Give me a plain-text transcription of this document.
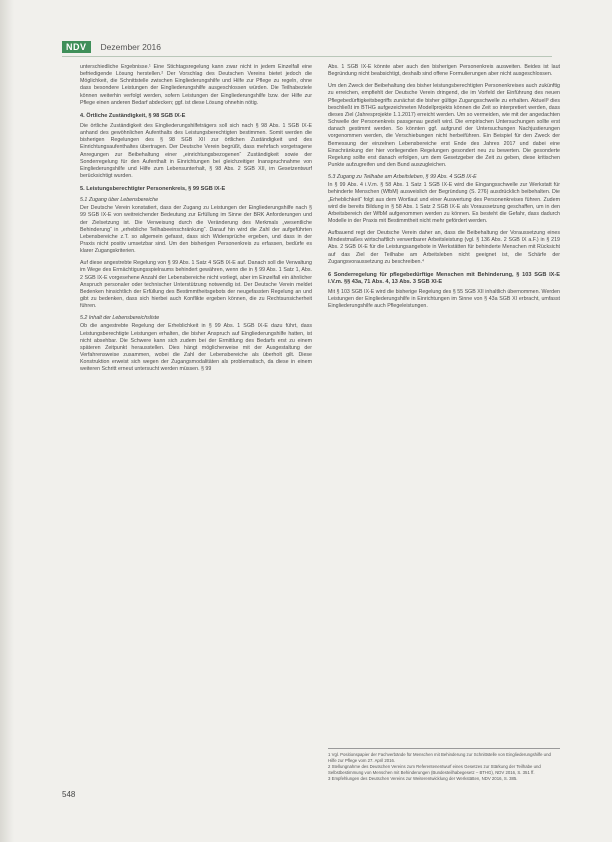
NDV	Dezember 2016

unterschiedliche Ergebnisse.¹ Eine Stichtagsregelung kann zwar nicht in jedem Einzelfall eine befriedigende Lösung herstellen.² Der Vorschlag des Deutschen Vereins bietet jedoch die Möglichkeit, die Schnittstelle zwischen Eingliederungshilfe und Hilfe zur Pflege zu regeln, ohne dass besondere Leistungen der Eingliederungshilfe ausgeschlossen würden. Die Teilhabeziele können weiterhin verfolgt werden, sofern Leistungen der Eingliederungshilfe bzw. der Hilfe zur Pflege einen anderen Bedarf abdecken; ggf. ist diese Lösung ohnehin nötig.

4. Örtliche Zuständigkeit, § 98 SGB IX-E

Die örtliche Zuständigkeit des Eingliederungshilfeträgers soll sich nach § 98 Abs. 1 SGB IX-E anhand des gewöhnlichen Aufenthalts des Leistungsberechtigten bestimmen. Somit werden die bisherigen Regelungen des § 98 SGB XII zur örtlichen Zuständigkeit und des Einrichtungsaufenthaltes übertragen. Der Deutsche Verein begrüßt, dass mehrfach vorgetragene Anregungen zur Beibehaltung einer „einrichtungsbezogenen“ Zuständigkeit sowie der Sonderregelung für den Aufenthalt in Einrichtungen bei gleichzeitiger Inanspruchnahme von Eingliederungshilfe und Hilfe zum Lebensunterhalt, § 98 Abs. 2 SGB XII, im Gesetzentwurf berücksichtigt wurden.

5. Leistungsberechtigter Personenkreis, § 99 SGB IX-E
5.1 Zugang über Lebensbereiche

Der Deutsche Verein konstatiert, dass der Zugang zu Leistungen der Eingliederungshilfe nach § 99 SGB IX-E von weitreichender Bedeutung zur Erfüllung im Sinne der BRK Anforderungen und der Zielsetzung ist. Die Verweisung durch die Veränderung des Merkmals „wesentliche Behinderung“ in „erhebliche Teilhabeeinschränkung“. Darauf hin wird die Zahl der aufgeführten Lebensbereiche z.T. so allgemein gefasst, dass sich Widersprüche ergeben, und dass in der Praxis nicht positiv umsetzbar sind. Um den bisherigen Personenkreis zu erfassen, bedürfe es klarer Zugangskriterien.

Auf diese angestrebte Regelung von § 99 Abs. 1 Satz 4 SGB IX-E auf. Danach soll die Verwaltung im Wege des Ermächtigungsspielraums behindert gewähren, wenn die in § 99 Abs. 1 Satz 1, Abs. 2 SGB IX-E vorgesehene Anzahl der Lebensbereiche nicht vorliegt, aber im Einzelfall ein ähnlicher Anspruch personaler oder technischer Unterstützung notwendig ist. Der Deutsche Verein meldet Bedenken hinsichtlich der Erfüllung des Bestimmtheitsgebots der neugefassten Regelung an und gibt zu bedenken, dass sich hierbei auch Konflikte ergeben können, die zu Rechtsunsicherheit führen.

5.2 Inhalt der Lebensbereichsliste

Ob die angestrebte Regelung der Erheblichkeit in § 99 Abs. 1 SGB IX-E dazu führt, dass Leistungsberechtigte Leistungen erhalten, die bisher Anspruch auf Eingliederungshilfe hatten, ist nicht absehbar. Die Schwere kann sich zudem bei der Ermittlung des Bedarfs erst zu einem späteren Zeitpunkt herausstellen. Dies hängt möglicherweise mit der Ausgestaltung der Verfahrensweise zusammen, wobei die Zahl der Lebensbereiche als überholt gilt. Diese Konstruktion erweist sich wegen der Zugangsmodalitäten als problematisch, da diese in einem weiteren Schritt erneut untersucht werden müssen. § 99

Abs. 1 SGB IX-E könnte aber auch den bisherigen Personenkreis ausweiten. Beides ist laut Begründung nicht beabsichtigt, deshalb sind offene Formulierungen aber nicht ausgeschlossen.

Um den Zweck der Beibehaltung des bisher leistungsberechtigten Personenkreises auch zukünftig zu erreichen, empfiehlt der Deutsche Verein dringend, die im Vorfeld der Einführung des neuen Pflegebedürftigkeitsbegriffs zunächst die bisher gültige Zugangsschwelle zu erhalten. Aktuell³ dies beschließt im BTHG aufgezeichneten Modellprojekts können die Zeit so interpretiert werden, dass dieses Ziel (Jahresprojekte 1.1.2017) erreicht werden. Um so vermeiden, wie mit der angedachten Schwelle der Personenkreis passgenau gezielt wird. Die empirischen Untersuchungen sollte erst danach gestimmt werden. So könnten ggf. aufgrund der Untersuchungen Nachjustierungen vorgenommen werden, die Verschiebungen nicht herbeiführen. Ein Beispiel für den Zweck der Bemessung der einzelnen Lebensbereiche erst Ende des Jahres 2017 und dabei eine Einschränkung der hier vorliegenden Regelungen gesondert neu zu bewerten. Die gesonderte Regelung sollte erst danach erfolgen, um dem Gesetzgeber die Zeit zu geben, diese kritischen Punkte aufzugreifen und den Bund auszugleichen.

5.3 Zugang zu Teilhabe am Arbeitsleben, § 99 Abs. 4 SGB IX-E

In § 99 Abs. 4 i.V.m. § 58 Abs. 1 Satz 1 SGB IX-E wird die Eingangsschwelle zur Werkstatt für behinderte Menschen (WfbM) ausweislich der Begründung (S. 276) ausdrücklich beibehalten. Die „Erheblichkeit“ folgt aus dem Wortlaut und einer Auswertung des Personenkreises führen. Zudem wird die bereits Bildung in § 58 Abs. 1 Satz 2 SGB IX-E als Voraussetzung geschaffen, um in den Arbeitsbereich der WfbM aufgenommen werden zu können. Es besteht die Gefahr, dass dadurch Modelle in der Praxis mit Bestimmtheit nicht mehr gefördert werden.

Aufbauend regt der Deutsche Verein daher an, dass die Beibehaltung der Voraussetzung eines Mindestmaßes wirtschaftlich verwertbarer Arbeitsleistung (vgl. § 136 Abs. 2 SGB IX a.F.) in § 219 Abs. 2 SGB IX-E für die Leistungsangebote in Werkstätten für behinderte Menschen mit Rücksicht auf das Ziel der Teilhabe am Arbeitsleben nicht geeignet ist, die Schärfe der Zugangsvoraussetzung zu beschreiben.⁴

6 Sonderregelung für pflegebedürftige Menschen mit Behinderung, § 103 SGB IX-E i.V.m. §§ 43a, 71 Abs. 4, 13 Abs. 3 SGB XI-E

Mit § 103 SGB IX-E wird die bisherige Regelung des § 55 SGB XII inhaltlich übernommen. Werden Leistungen der Eingliederungshilfe in Einrichtungen im Sinne von § 43a SGB XI erbracht, umfasst Eingliederungshilfe auch Pflegeleistungen.

1 Vgl. Positionspapier der Fachverbände für Menschen mit Behinderung zur Schnittstelle von Eingliederungshilfe und Hilfe zur Pflege vom 27. April 2016.

2 Stellungnahme des Deutschen Vereins zum Referentenentwurf eines Gesetzes zur Stärkung der Teilhabe und Selbstbestimmung von Menschen mit Behinderungen (Bundesteilhabegesetz – BTHG), NDV 2016, S. 351 ff.

3 Empfehlungen des Deutschen Vereins zur Weiterentwicklung der Werkstätten, NDV 2016, S. 385.

548
